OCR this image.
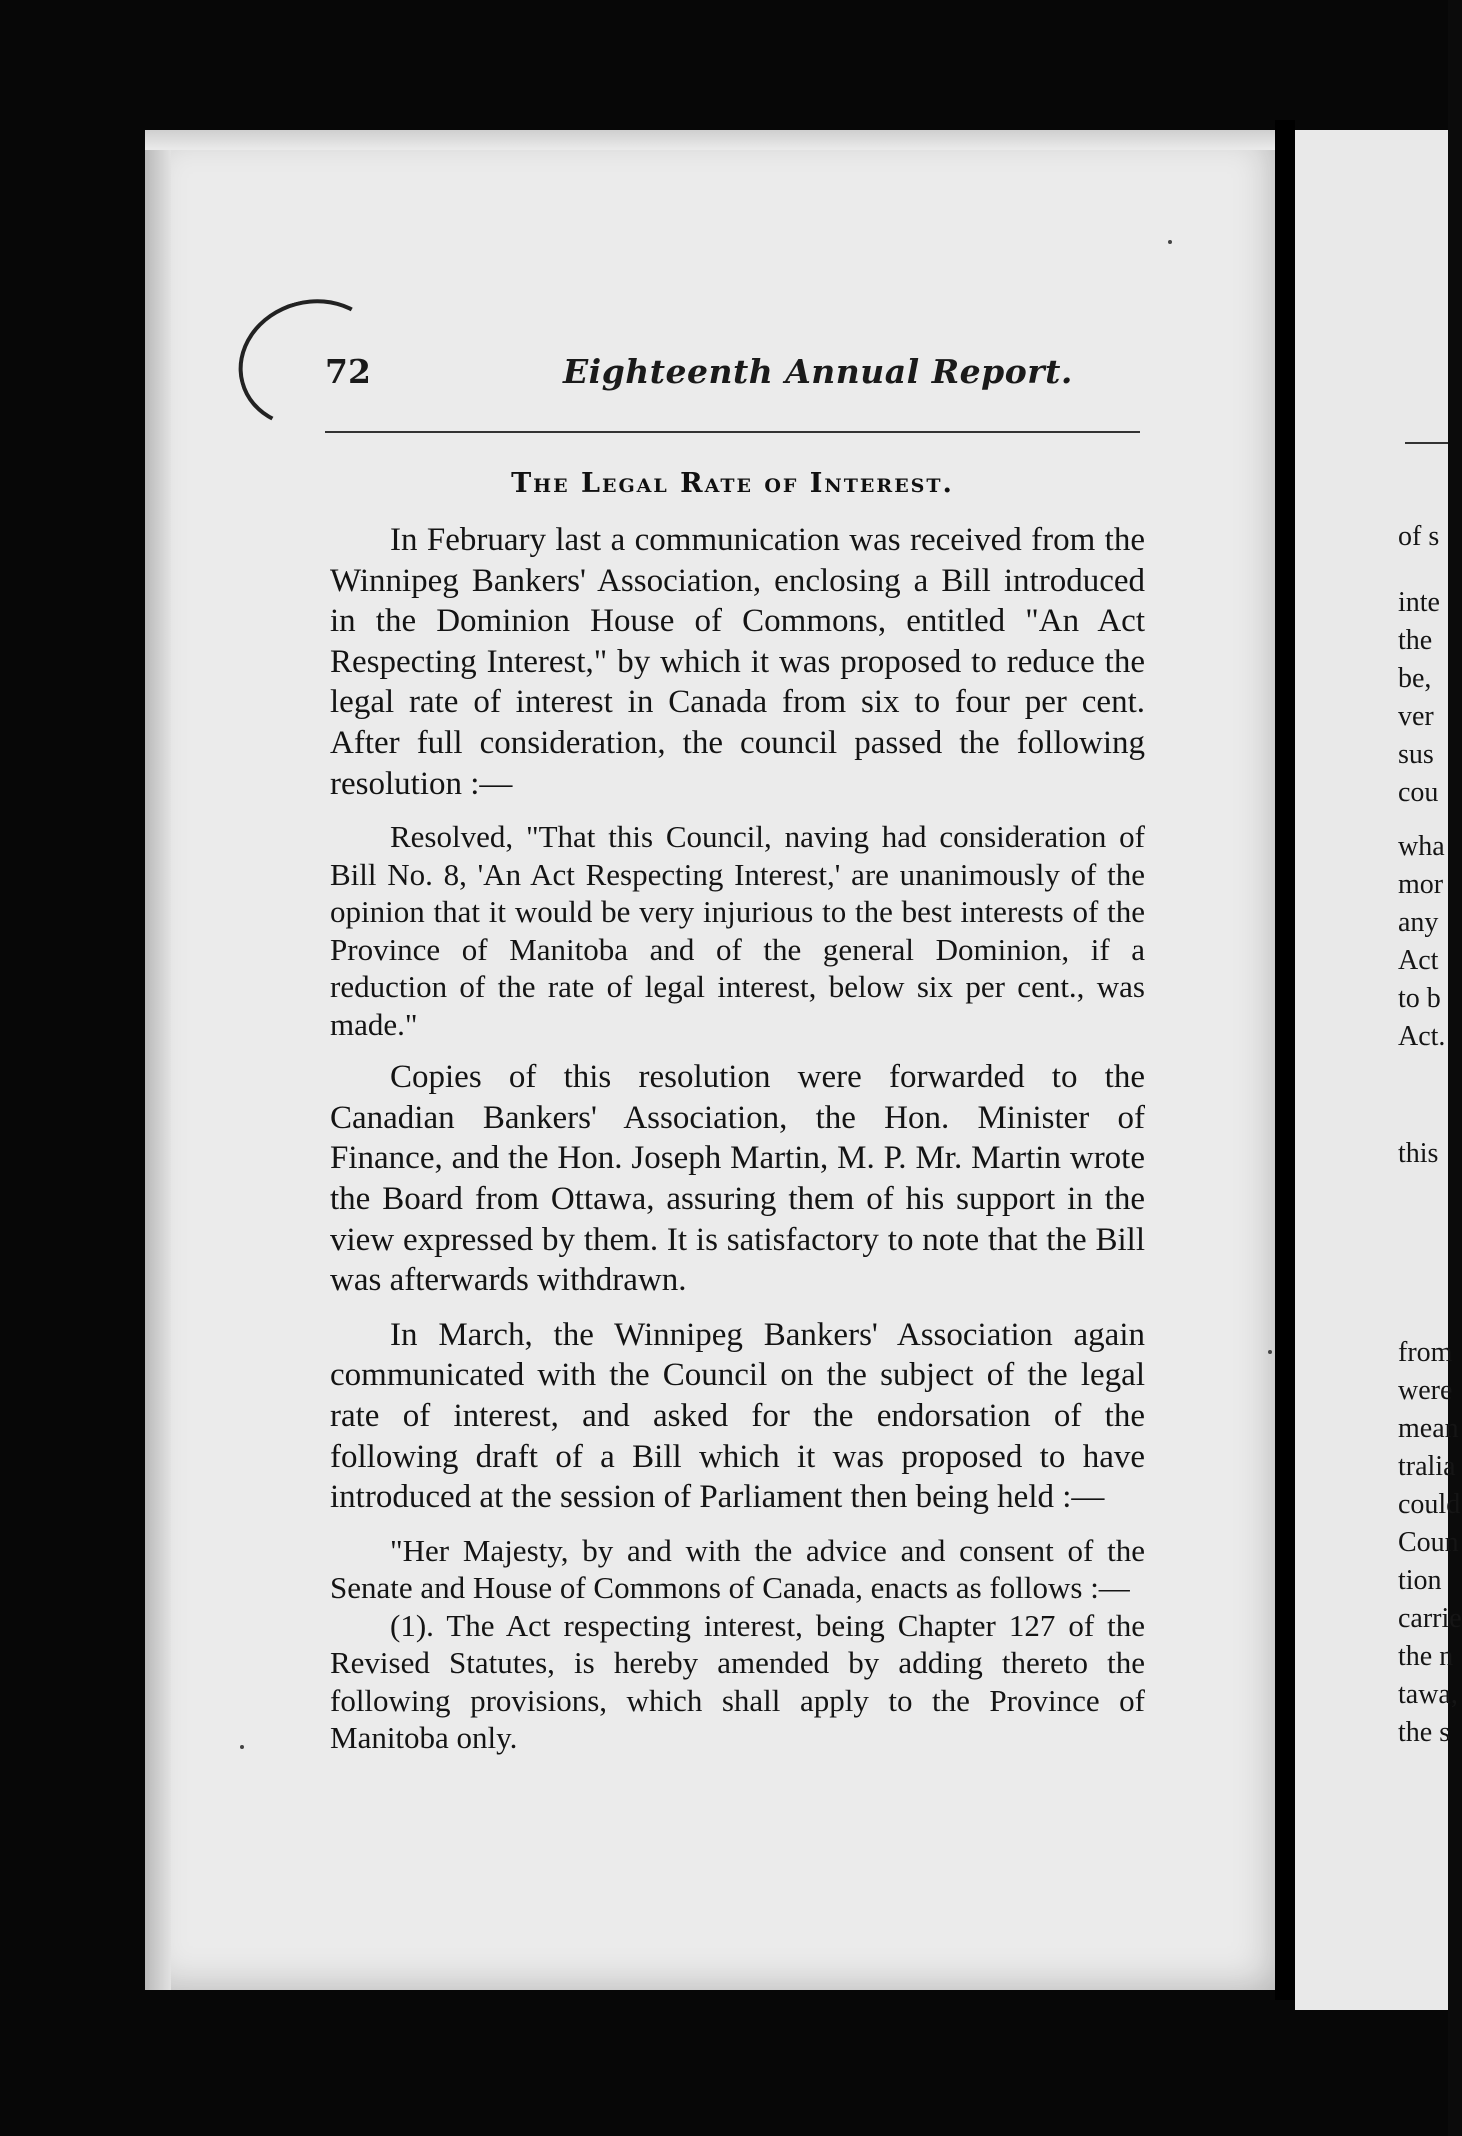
72	Eighteenth Annual Report.
The Legal Rate of Interest.

In February last a communication was received from the Winnipeg Bankers' Association, enclosing a Bill introduced in the Dominion House of Commons, entitled "An Act Respecting Interest," by which it was proposed to reduce the legal rate of interest in Canada from six to four per cent. After full consideration, the council passed the following resolution :—

Resolved, "That this Council, naving had consideration of Bill No. 8, 'An Act Respecting Interest,' are unanimously of the opinion that it would be very injurious to the best interests of the Province of Manitoba and of the general Dominion, if a reduction of the rate of legal interest, below six per cent., was made."

Copies of this resolution were forwarded to the Canadian Bankers' Association, the Hon. Minister of Finance, and the Hon. Joseph Martin, M. P. Mr. Martin wrote the Board from Ottawa, assuring them of his support in the view expressed by them. It is satisfactory to note that the Bill was afterwards withdrawn.

In March, the Winnipeg Bankers' Association again communicated with the Council on the subject of the legal rate of interest, and asked for the endorsation of the following draft of a Bill which it was proposed to have introduced at the session of Parliament then being held :—

"Her Majesty, by and with the advice and consent of the Senate and House of Commons of Canada, enacts as follows :—

(1). The Act respecting interest, being Chapter 127 of the Revised Statutes, is hereby amended by adding thereto the following provisions, which shall apply to the Province of Manitoba only.

of s
inte
the
be,
ver
sus
cou
wha
mor
any
Act
to b
Act.
this
from
were
mean
tralia
could
Coun
tion
carrie
the n
tawa,
the s
